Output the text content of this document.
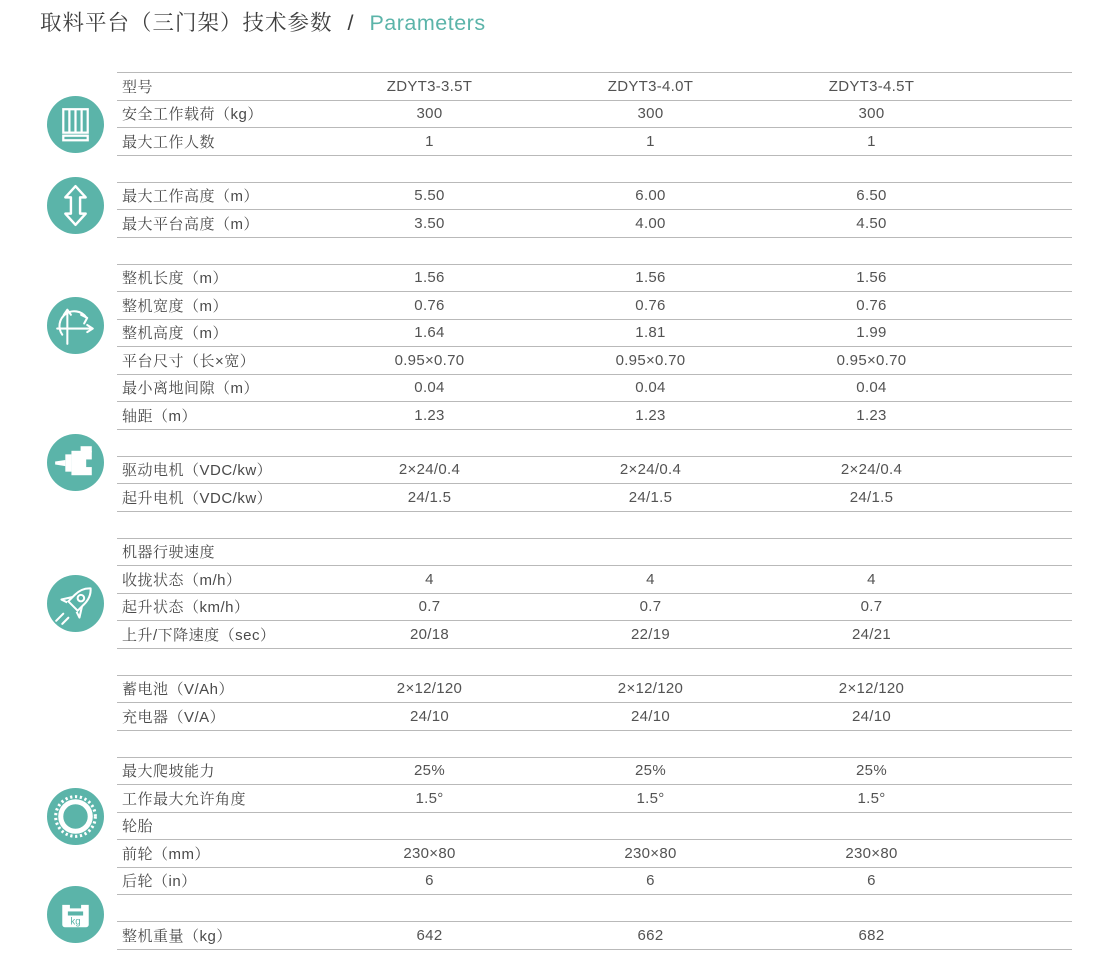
取料平台（三门架）技术参数 / Parameters
kg
型号	ZDYT3-3.5T	ZDYT3-4.0T	ZDYT3-4.5T
安全工作载荷（kg）	300	300	300
最大工作人数	1	1	1
最大工作高度（m）	5.50	6.00	6.50
最大平台高度（m）	3.50	4.00	4.50
整机长度（m）	1.56	1.56	1.56
整机宽度（m）	0.76	0.76	0.76
整机高度（m）	1.64	1.81	1.99
平台尺寸（长×宽）	0.95×0.70	0.95×0.70	0.95×0.70
最小离地间隙（m）	0.04	0.04	0.04
轴距（m）	1.23	1.23	1.23
驱动电机（VDC/kw）	2×24/0.4	2×24/0.4	2×24/0.4
起升电机（VDC/kw）	24/1.5	24/1.5	24/1.5
机器行驶速度
收拢状态（m/h）	4	4	4
起升状态（km/h）	0.7	0.7	0.7
上升/下降速度（sec）	20/18	22/19	24/21
蓄电池（V/Ah）	2×12/120	2×12/120	2×12/120
充电器（V/A）	24/10	24/10	24/10
最大爬坡能力	25%	25%	25%
工作最大允许角度	1.5°	1.5°	1.5°
轮胎
前轮（mm）	230×80	230×80	230×80
后轮（in）	6	6	6
整机重量（kg）	642	662	682
